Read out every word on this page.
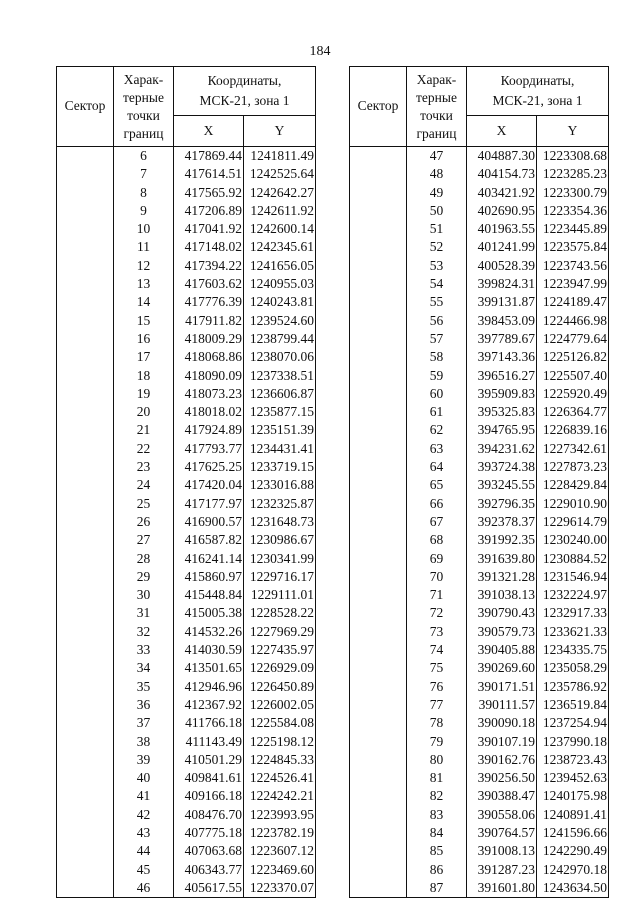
184
Сектор	Харак-
терные
точки
границ	Координаты,
МСК-21, зона 1	
		X	Y
	6	417869.44	1241811.49
	7	417614.51	1242525.64
	8	417565.92	1242642.27
	9	417206.89	1242611.92
	10	417041.92	1242600.14
	11	417148.02	1242345.61
	12	417394.22	1241656.05
	13	417603.62	1240955.03
	14	417776.39	1240243.81
	15	417911.82	1239524.60
	16	418009.29	1238799.44
	17	418068.86	1238070.06
	18	418090.09	1237338.51
	19	418073.23	1236606.87
	20	418018.02	1235877.15
	21	417924.89	1235151.39
	22	417793.77	1234431.41
	23	417625.25	1233719.15
	24	417420.04	1233016.88
	25	417177.97	1232325.87
	26	416900.57	1231648.73
	27	416587.82	1230986.67
	28	416241.14	1230341.99
	29	415860.97	1229716.17
	30	415448.84	1229111.01
	31	415005.38	1228528.22
	32	414532.26	1227969.29
	33	414030.59	1227435.97
	34	413501.65	1226929.09
	35	412946.96	1226450.89
	36	412367.92	1226002.05
	37	411766.18	1225584.08
	38	411143.49	1225198.12
	39	410501.29	1224845.33
	40	409841.61	1224526.41
	41	409166.18	1224242.21
	42	408476.70	1223993.95
	43	407775.18	1223782.19
	44	407063.68	1223607.12
	45	406343.77	1223469.60
	46	405617.55	1223370.07
Сектор	Харак-
терные
точки
границ	Координаты,
МСК-21, зона 1	
		X	Y
	47	404887.30	1223308.68
	48	404154.73	1223285.23
	49	403421.92	1223300.79
	50	402690.95	1223354.36
	51	401963.55	1223445.89
	52	401241.99	1223575.84
	53	400528.39	1223743.56
	54	399824.31	1223947.99
	55	399131.87	1224189.47
	56	398453.09	1224466.98
	57	397789.67	1224779.64
	58	397143.36	1225126.82
	59	396516.27	1225507.40
	60	395909.83	1225920.49
	61	395325.83	1226364.77
	62	394765.95	1226839.16
	63	394231.62	1227342.61
	64	393724.38	1227873.23
	65	393245.55	1228429.84
	66	392796.35	1229010.90
	67	392378.37	1229614.79
	68	391992.35	1230240.00
	69	391639.80	1230884.52
	70	391321.28	1231546.94
	71	391038.13	1232224.97
	72	390790.43	1232917.33
	73	390579.73	1233621.33
	74	390405.88	1234335.75
	75	390269.60	1235058.29
	76	390171.51	1235786.92
	77	390111.57	1236519.84
	78	390090.18	1237254.94
	79	390107.19	1237990.18
	80	390162.76	1238723.43
	81	390256.50	1239452.63
	82	390388.47	1240175.98
	83	390558.06	1240891.41
	84	390764.57	1241596.66
	85	391008.13	1242290.49
	86	391287.23	1242970.18
	87	391601.80	1243634.50
